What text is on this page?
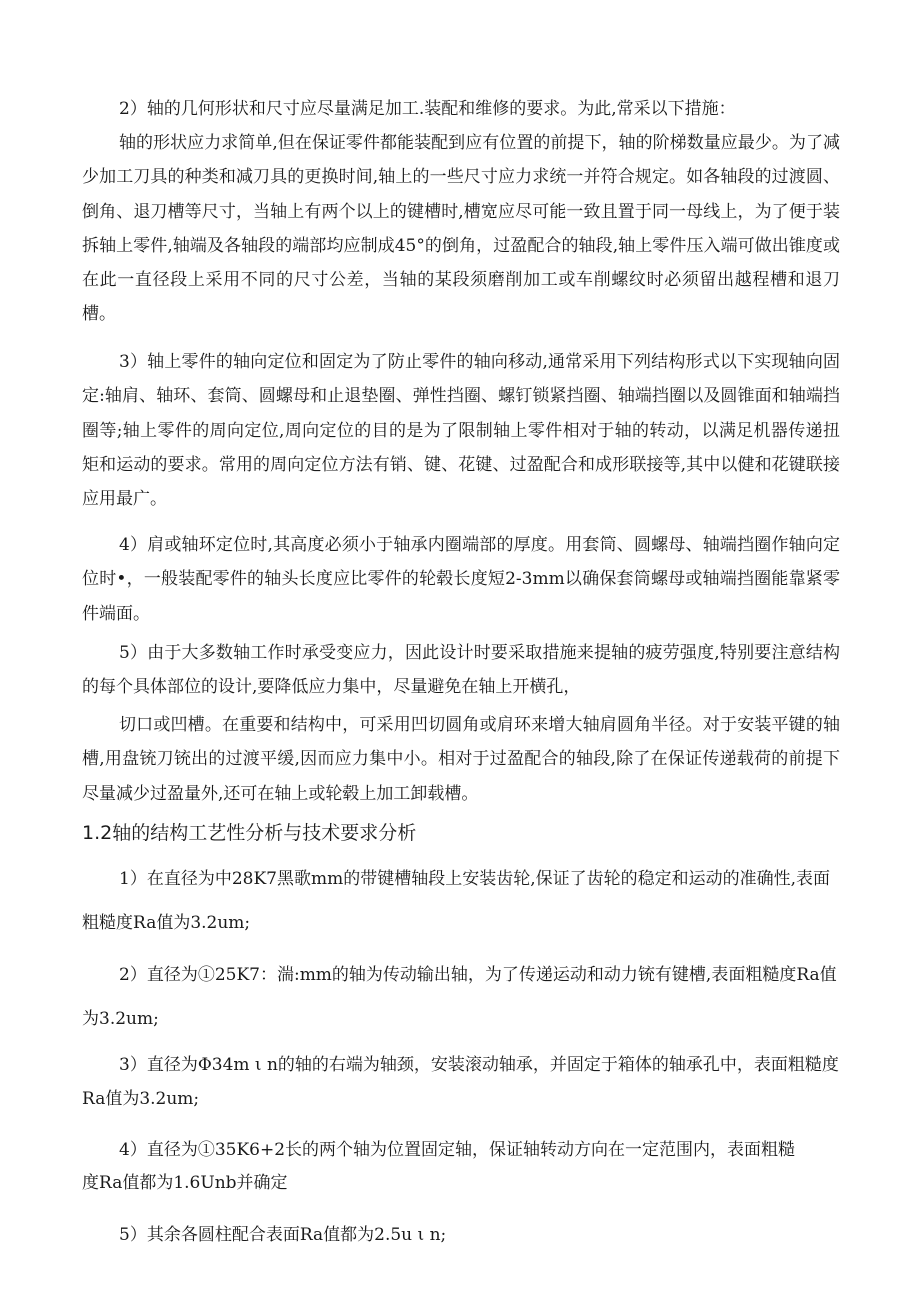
2）轴的几何形状和尺寸应尽量满足加工.装配和维修的要求。为此,常采以下措施：

轴的形状应力求简单,但在保证零件都能装配到应有位置的前提下，轴的阶梯数量应最少。为了减少加工刀具的种类和减刀具的更换时间,轴上的一些尺寸应力求统一并符合规定。如各轴段的过渡圆、倒角、退刀槽等尺寸，当轴上有两个以上的键槽时,槽宽应尽可能一致且置于同一母线上，为了便于装拆轴上零件,轴端及各轴段的端部均应制成45°的倒角，过盈配合的轴段,轴上零件压入端可做出锥度或在此一直径段上采用不同的尺寸公差，当轴的某段须磨削加工或车削螺纹时必须留出越程槽和退刀槽。

3）轴上零件的轴向定位和固定为了防止零件的轴向移动,通常采用下列结构形式以下实现轴向固定:轴肩、轴环、套筒、圆螺母和止退垫圈、弹性挡圈、螺钉锁紧挡圈、轴端挡圈以及圆锥面和轴端挡圈等;轴上零件的周向定位,周向定位的目的是为了限制轴上零件相对于轴的转动，以满足机器传递扭矩和运动的要求。常用的周向定位方法有销、键、花键、过盈配合和成形联接等,其中以健和花键联接应用最广。

4）肩或轴环定位时,其高度必须小于轴承内圈端部的厚度。用套筒、圆螺母、轴端挡圈作轴向定位时•，一般装配零件的轴头长度应比零件的轮毂长度短2-3mm以确保套筒螺母或轴端挡圈能靠紧零件端面。

5）由于大多数轴工作时承受变应力，因此设计时要采取措施来提轴的疲劳强度,特别要注意结构的每个具体部位的设计,要降低应力集中，尽量避免在轴上开横孔，

切口或凹槽。在重要和结构中，可采用凹切圆角或肩环来增大轴肩圆角半径。对于安装平键的轴槽,用盘铳刀铳出的过渡平缓,因而应力集中小。相对于过盈配合的轴段,除了在保证传递载荷的前提下尽量减少过盈量外,还可在轴上或轮毂上加工卸载槽。

1.2轴的结构工艺性分析与技术要求分析

1）在直径为中28K7黑歌mm的带键槽轴段上安装齿轮,保证了齿轮的稳定和运动的准确性,表面

粗糙度Ra值为3.2um;

2）直径为①25K7：湍:mm的轴为传动输出轴，为了传递运动和动力铳有键槽,表面粗糙度Ra值

为3.2um;

3）直径为Φ34m ι n的轴的右端为轴颈，安装滚动轴承，并固定于箱体的轴承孔中，表面粗糙度

Ra值为3.2um;

4）直径为①35K6+2长的两个轴为位置固定轴，保证轴转动方向在一定范围内，表面粗糙

度Ra值都为1.6Unb并确定

5）其余各圆柱配合表面Ra值都为2.5u ι n;
